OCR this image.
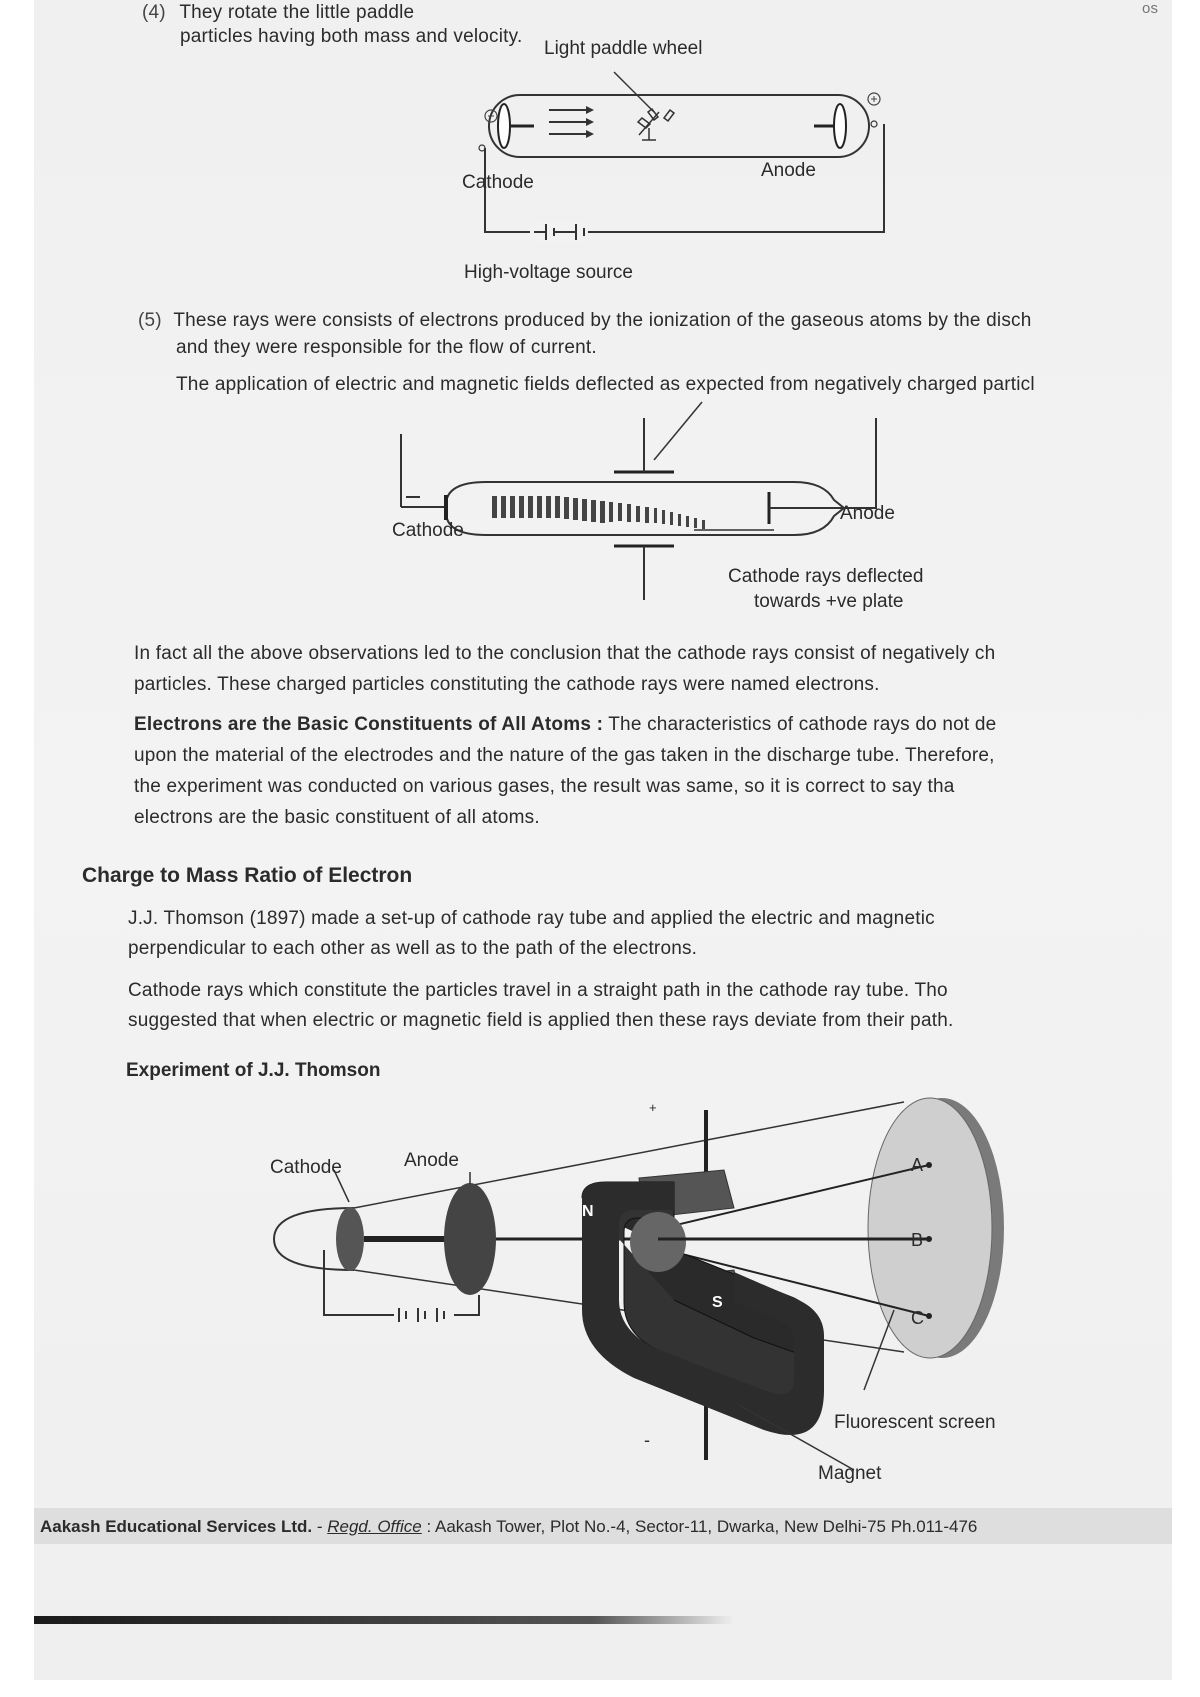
(4) They rotate the little paddle
particles having both mass and velocity.
os
Light paddle wheel
Cathode
Anode
High-voltage source
(5) These rays were consists of electrons produced by the ionization of the gaseous atoms by the disch
and they were responsible for the flow of current.
The application of electric and magnetic fields deflected as expected from negatively charged particl
Cathode
Anode
Cathode rays deflected
towards +ve plate
In fact all the above observations led to the conclusion that the cathode rays consist of negatively ch
particles. These charged particles constituting the cathode rays were named electrons.
Electrons are the Basic Constituents of All Atoms : The characteristics of cathode rays do not de
upon the material of the electrodes and the nature of the gas taken in the discharge tube. Therefore,
the experiment was conducted on various gases, the result was same, so it is correct to say tha
electrons are the basic constituent of all atoms.
Charge to Mass Ratio of Electron
J.J. Thomson (1897) made a set-up of cathode ray tube and applied the electric and magnetic
perpendicular to each other as well as to the path of the electrons.
Cathode rays which constitute the particles travel in a straight path in the cathode ray tube. Tho
suggested that when electric or magnetic field is applied then these rays deviate from their path.
Experiment of J.J. Thomson
Cathode	Anode
N
S
A
B
C
+
-
Fluorescent screen
Magnet
Aakash Educational Services Ltd. - Regd. Office : Aakash Tower, Plot No.-4, Sector-11, Dwarka, New Delhi-75 Ph.011-476
